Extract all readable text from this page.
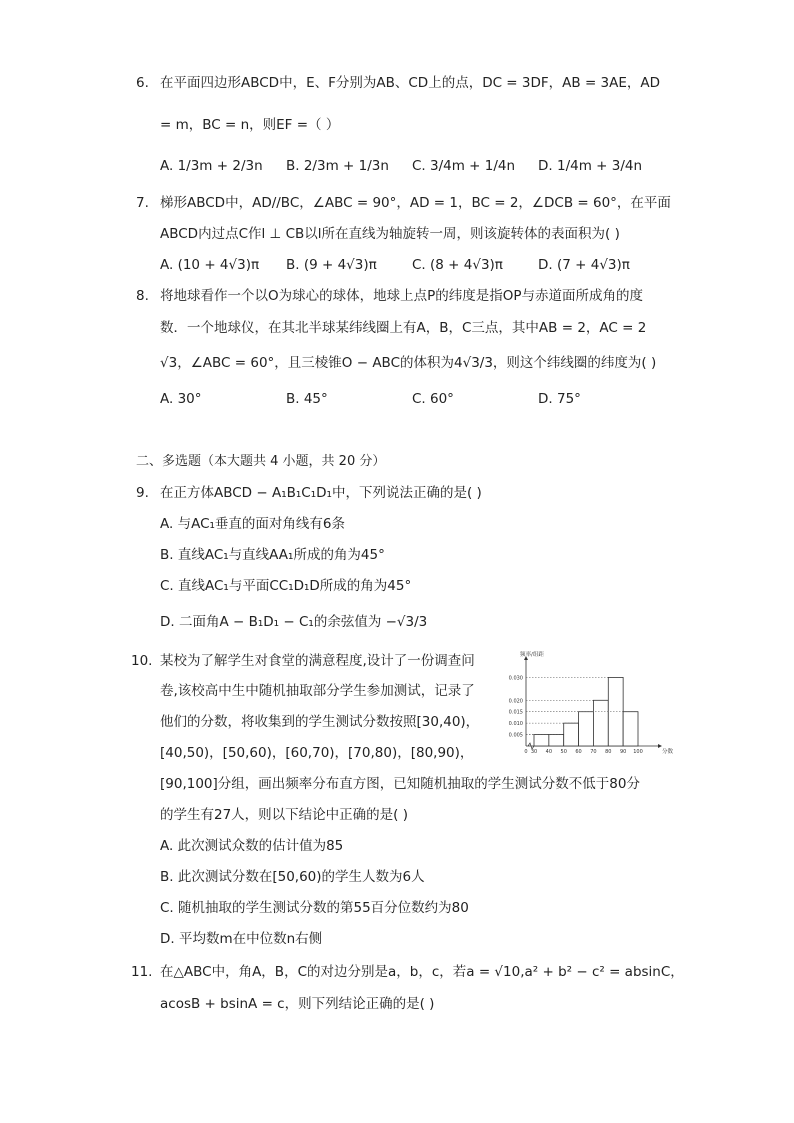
6. 在平面四边形ABCD中，E、F分别为AB、CD上的点，DC = 3DF，AB = 3AE，AD
= m，BC = n，则EF =（ ）
A. 1/3m + 2/3n B. 2/3m + 1/3n C. 3/4m + 1/4n D. 1/4m + 3/4n
7. 梯形ABCD中，AD//BC，∠ABC = 90°，AD = 1，BC = 2，∠DCB = 60°，在平面
ABCD内过点C作l ⊥ CB以l所在直线为轴旋转一周，则该旋转体的表面积为( )
A. (10 + 4√3)π B. (9 + 4√3)π	C. (8 + 4√3)π	D. (7 + 4√3)π
8. 将地球看作一个以O为球心的球体，地球上点P的纬度是指OP与赤道面所成角的度
数．一个地球仪，在其北半球某纬线圈上有A，B，C三点，其中AB = 2，AC = 2
√3，∠ABC = 60°，且三棱锥O − ABC的体积为4√3/3，则这个纬线圈的纬度为( )
A. 30°	B. 45°	C. 60°	D. 75°
二、多选题（本大题共 4 小题，共 20 分）
9. 在正方体ABCD − A₁B₁C₁D₁中，下列说法正确的是( )
A. 与AC₁垂直的面对角线有6条
B. 直线AC₁与直线AA₁所成的角为45°
C. 直线AC₁与平面CC₁D₁D所成的角为45°
D. 二面角A − B₁D₁ − C₁的余弦值为 −√3/3
10. 某校为了解学生对食堂的满意程度,设计了一份调查问
卷,该校高中生中随机抽取部分学生参加测试，记录了
他们的分数，将收集到的学生测试分数按照[30,40)，
[40,50)，[50,60)，[60,70)，[70,80)，[80,90)，
[90,100]分组，画出频率分布直方图，已知随机抽取的学生测试分数不低于80分
的学生有27人，则以下结论中正确的是( )
A. 此次测试众数的估计值为85
B. 此次测试分数在[50,60)的学生人数为6人
C. 随机抽取的学生测试分数的第55百分位数约为80
D. 平均数m在中位数n右侧
频率/组距
分数
0.005
0.010
0.015
0.020
0.030
0 30 40 50 60 70 80 90 100
11. 在△ABC中，角A，B，C的对边分别是a，b，c，若a = √10,a² + b² − c² = absinC，
acosB + bsinA = c，则下列结论正确的是( )
